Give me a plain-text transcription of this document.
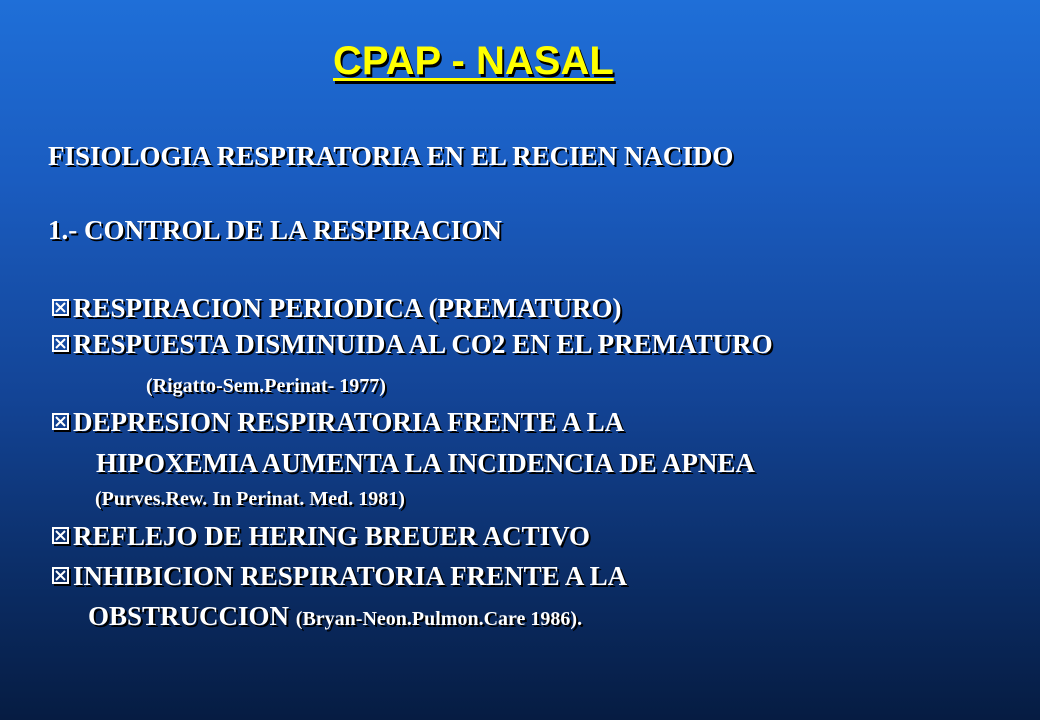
CPAP - NASAL
FISIOLOGIA RESPIRATORIA EN EL RECIEN NACIDO
1.- CONTROL DE LA RESPIRACION
RESPIRACION PERIODICA (PREMATURO)
RESPUESTA DISMINUIDA AL CO2 EN EL PREMATURO
(Rigatto-Sem.Perinat- 1977)
DEPRESION RESPIRATORIA FRENTE A LA
HIPOXEMIA AUMENTA LA INCIDENCIA DE APNEA
(Purves.Rew. In Perinat. Med. 1981)
REFLEJO DE HERING BREUER ACTIVO
INHIBICION RESPIRATORIA FRENTE A LA
OBSTRUCCION (Bryan-Neon.Pulmon.Care 1986).
